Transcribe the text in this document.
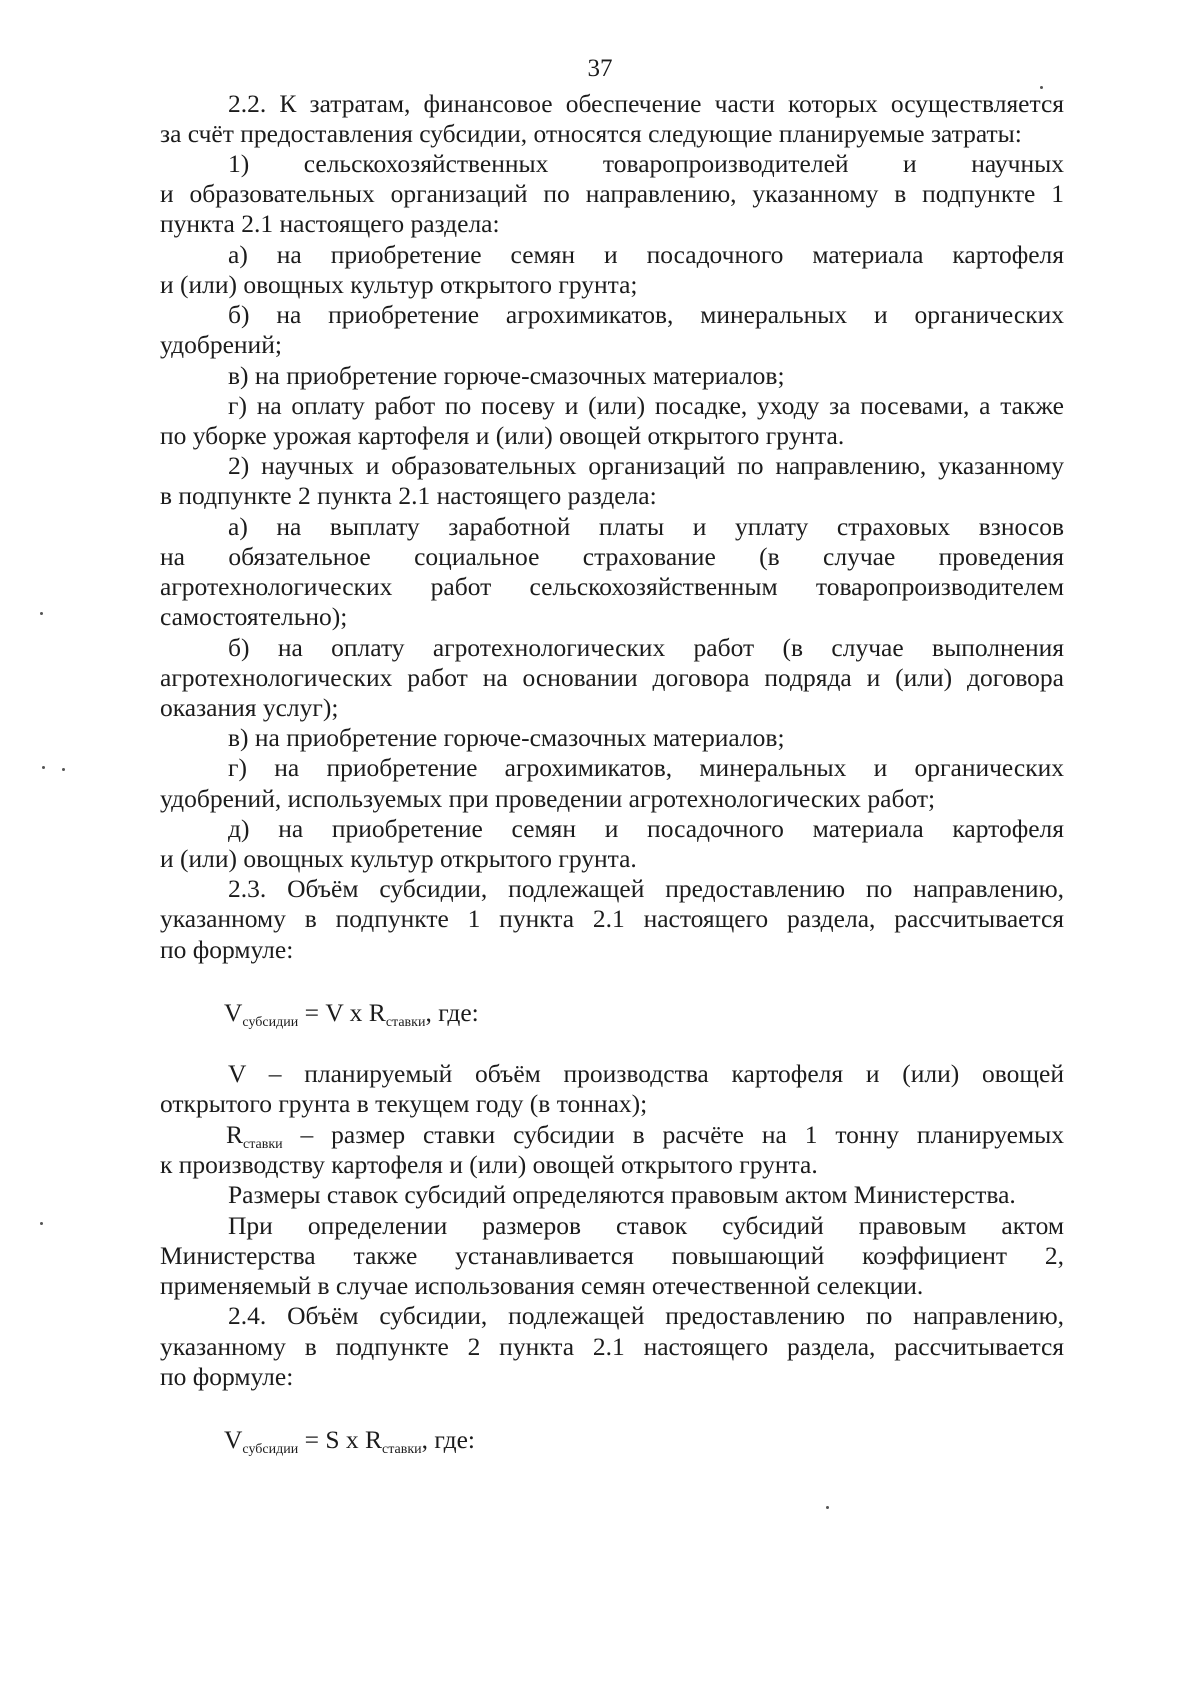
37
2.2. К затратам, финансовое обеспечение части которых осуществляется
за счёт предоставления субсидии, относятся следующие планируемые затраты:
1) сельскохозяйственных товаропроизводителей и научных
и образовательных организаций по направлению, указанному в подпункте 1
пункта 2.1 настоящего раздела:
а) на приобретение семян и посадочного материала картофеля
и (или) овощных культур открытого грунта;
б) на приобретение агрохимикатов, минеральных и органических
удобрений;
в) на приобретение горюче-смазочных материалов;
г) на оплату работ по посеву и (или) посадке, уходу за посевами, а также
по уборке урожая картофеля и (или) овощей открытого грунта.
2) научных и образовательных организаций по направлению, указанному
в подпункте 2 пункта 2.1 настоящего раздела:
а) на выплату заработной платы и уплату страховых взносов
на обязательное социальное страхование (в случае проведения
агротехнологических работ сельскохозяйственным товаропроизводителем
самостоятельно);
б) на оплату агротехнологических работ (в случае выполнения
агротехнологических работ на основании договора подряда и (или) договора
оказания услуг);
в) на приобретение горюче-смазочных материалов;
г) на приобретение агрохимикатов, минеральных и органических
удобрений, используемых при проведении агротехнологических работ;
д) на приобретение семян и посадочного материала картофеля
и (или) овощных культур открытого грунта.
2.3. Объём субсидии, подлежащей предоставлению по направлению,
указанному в подпункте 1 пункта 2.1 настоящего раздела, рассчитывается
по формуле:
$V_{субсидии} = V$ x $R_{ставки}$, где:
V – планируемый объём производства картофеля и (или) овощей
открытого грунта в текущем году (в тоннах);
$R_{ставки}$ – размер ставки субсидии в расчёте на 1 тонну планируемых
к производству картофеля и (или) овощей открытого грунта.
Размеры ставок субсидий определяются правовым актом Министерства.
При определении размеров ставок субсидий правовым актом
Министерства также устанавливается повышающий коэффициент 2,
применяемый в случае использования семян отечественной селекции.
2.4. Объём субсидии, подлежащей предоставлению по направлению,
указанному в подпункте 2 пункта 2.1 настоящего раздела, рассчитывается
по формуле:
$V_{субсидии} = S$ x $R_{ставки}$, где:
